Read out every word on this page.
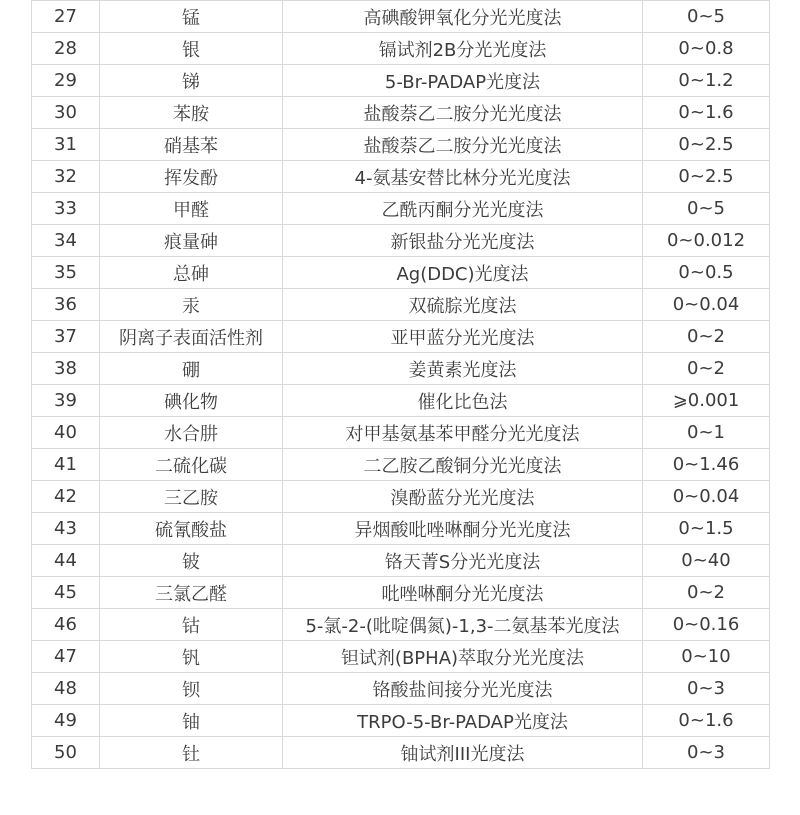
27	锰	高碘酸钾氧化分光光度法	0~5
28	银	镉试剂2B分光光度法	0~0.8
29	锑	5-Br-PADAP光度法	0~1.2
30	苯胺	盐酸萘乙二胺分光光度法	0~1.6
31	硝基苯	盐酸萘乙二胺分光光度法	0~2.5
32	挥发酚	4-氨基安替比林分光光度法	0~2.5
33	甲醛	乙酰丙酮分光光度法	0~5
34	痕量砷	新银盐分光光度法	0~0.012
35	总砷	Ag(DDC)光度法	0~0.5
36	汞	双硫腙光度法	0~0.04
37	阴离子表面活性剂	亚甲蓝分光光度法	0~2
38	硼	姜黄素光度法	0~2
39	碘化物	催化比色法	⩾0.001
40	水合肼	对甲基氨基苯甲醛分光光度法	0~1
41	二硫化碳	二乙胺乙酸铜分光光度法	0~1.46
42	三乙胺	溴酚蓝分光光度法	0~0.04
43	硫氰酸盐	异烟酸吡唑啉酮分光光度法	0~1.5
44	铍	铬天菁S分光光度法	0~40
45	三氯乙醛	吡唑啉酮分光光度法	0~2
46	钴	5-氯-2-(吡啶偶氮)-1,3-二氨基苯光度法	0~0.16
47	钒	钽试剂(BPHA)萃取分光光度法	0~10
48	钡	铬酸盐间接分光光度法	0~3
49	铀	TRPO-5-Br-PADAP光度法	0~1.6
50	钍	铀试剂III光度法	0~3
